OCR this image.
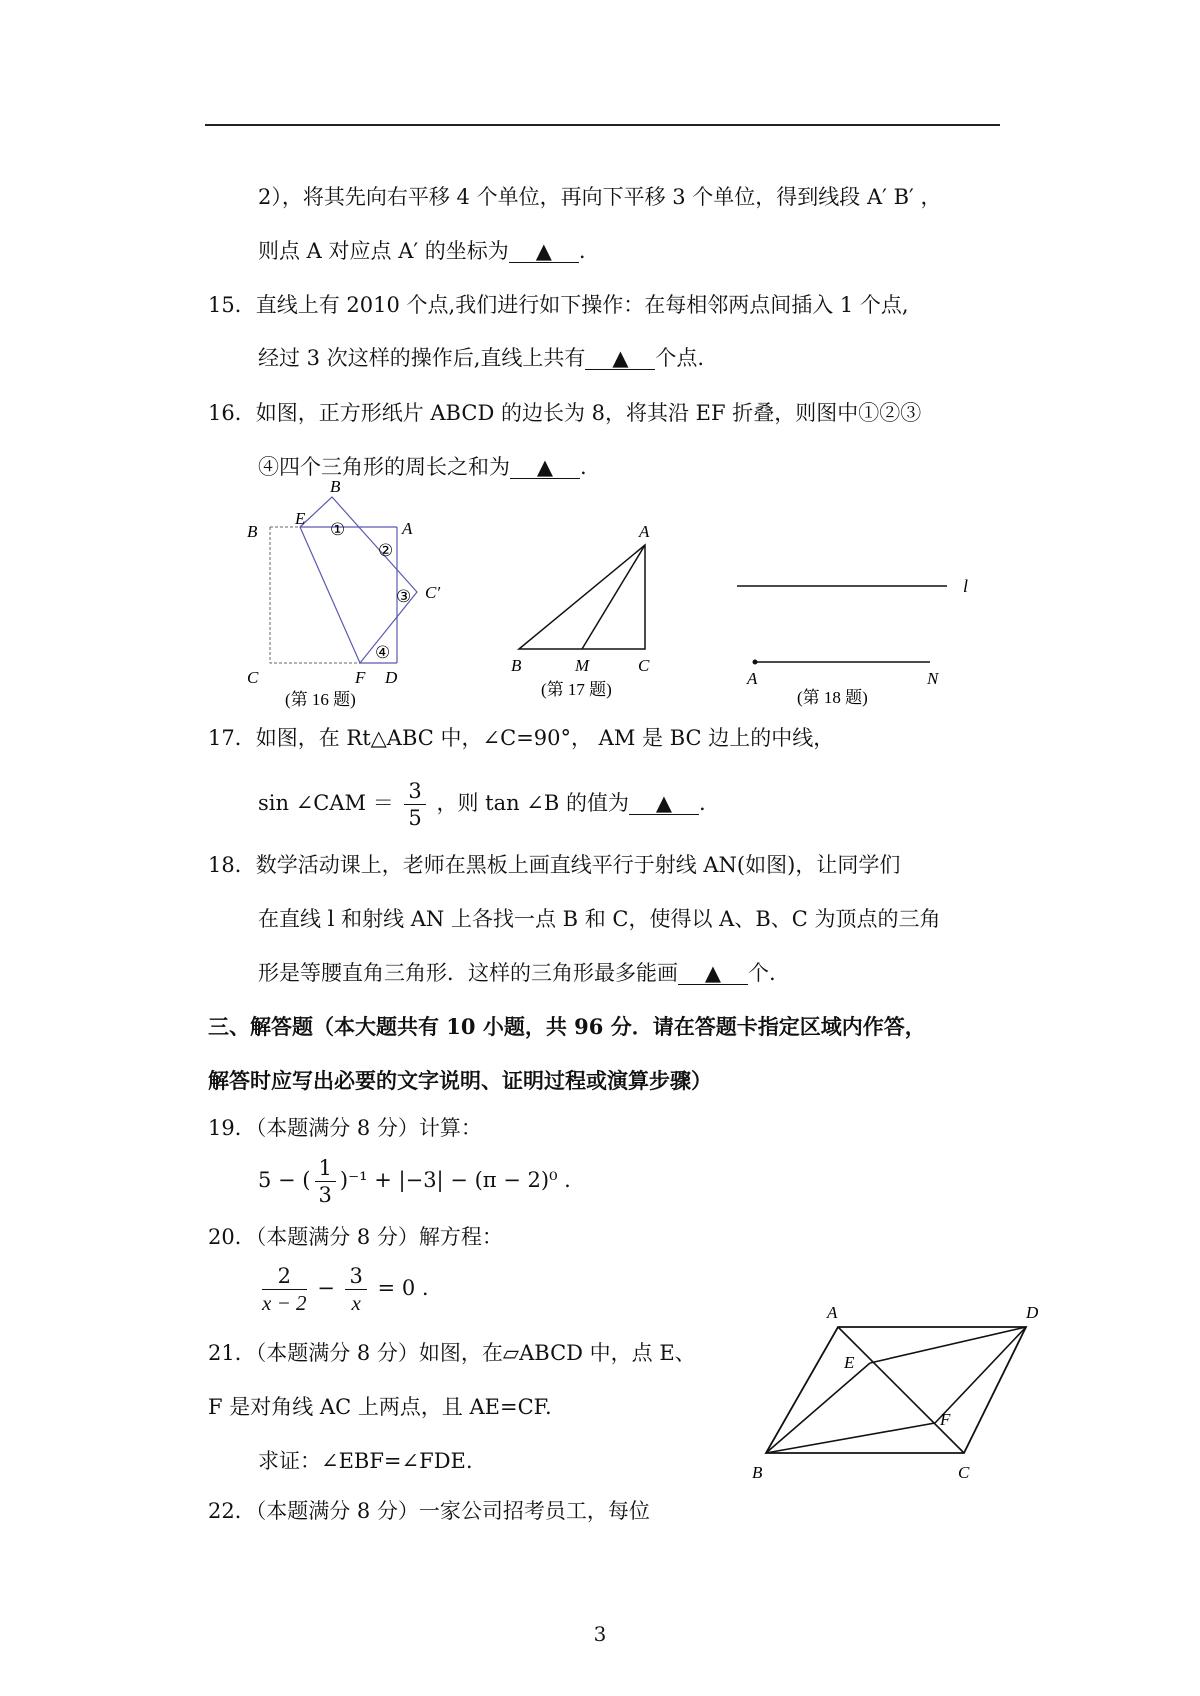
2），将其先向右平移 4 个单位，再向下平移 3 个单位，得到线段 A′ B′ ，
则点 A 对应点 A′ 的坐标为 ▲ .
15．直线上有 2010 个点,我们进行如下操作：在每相邻两点间插入 1 个点,
经过 3 次这样的操作后,直线上共有 ▲ 个点.
16．如图，正方形纸片 ABCD 的边长为 8，将其沿 EF 折叠，则图中①②③
④四个三角形的周长之和为 ▲ .
B
E
B	A
C′
C	F D
①
②
③
④
(第 16 题)
A
B	M	C
(第 17 题)
l
A	N
(第 18 题)
17．如图，在 Rt△ABC 中，∠C=90°， AM 是 BC 边上的中线，
sin ∠CAM ＝ $\frac{3}{5}$ ，则 tan ∠B 的值为 ▲ .
18．数学活动课上，老师在黑板上画直线平行于射线 AN(如图)，让同学们
在直线 l 和射线 AN 上各找一点 B 和 C，使得以 A、B、C 为顶点的三角
形是等腰直角三角形．这样的三角形最多能画 ▲ 个.
三、解答题（本大题共有 10 小题，共 96 分．请在答题卡指定区域内作答，
解答时应写出必要的文字说明、证明过程或演算步骤）
19．（本题满分 8 分）计算：
5 − ( $\frac{1}{3} )^{-1} + |-3| - (\pi - 2)^0$ .
20．（本题满分 8 分）解方程：
$\frac{2}{x - 2} - \frac{3}{x} = 0$ .
21．（本题满分 8 分）如图，在▱ABCD 中，点 E、
F 是对角线 AC 上两点，且 AE=CF.
求证：∠EBF=∠FDE.
A	D
E
F
B	C
22．（本题满分 8 分）一家公司招考员工，每位
3
